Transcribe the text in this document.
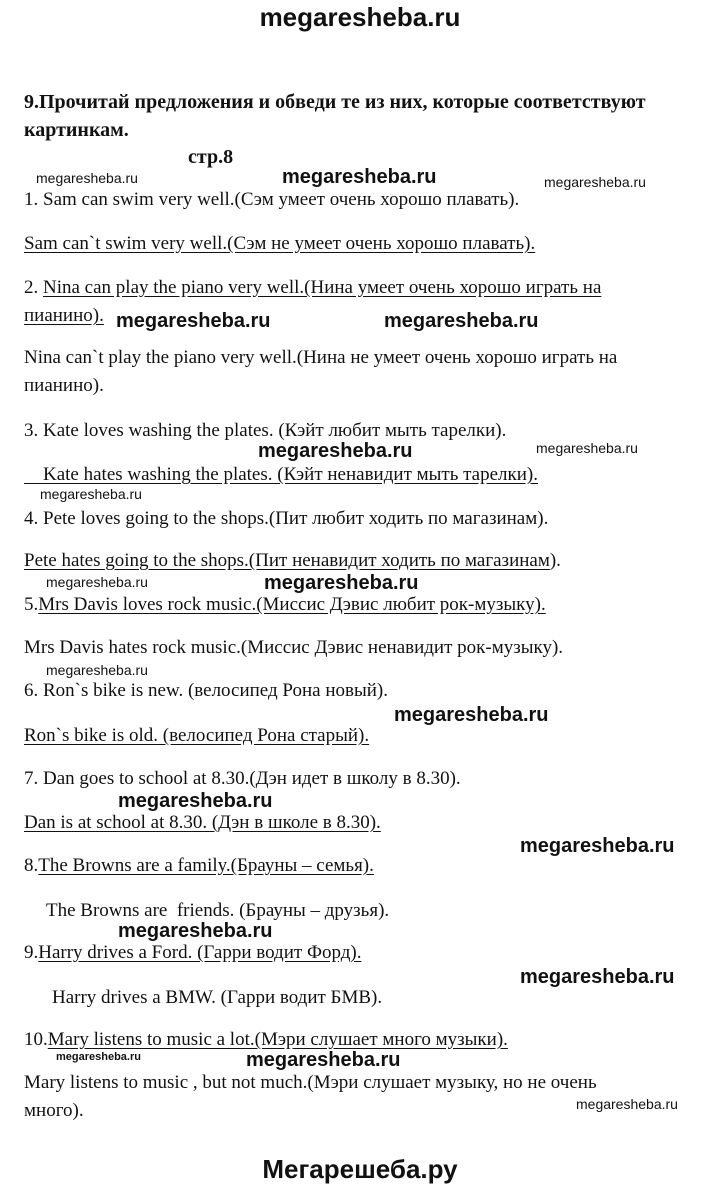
megaresheba.ru
9.Прочитай предложения и обведи те из них, которые соответствуют картинкам.
стр.8
megaresheba.ru	megaresheba.ru	megaresheba.ru
1. Sam can swim very well.(Сэм умеет очень хорошо плавать).
Sam can`t swim very well.(Сэм не умеет очень хорошо плавать).
2. Nina can play the piano very well.(Нина умеет очень хорошо играть на
пианино). megaresheba.ru	megaresheba.ru
Nina can`t play the piano very well.(Нина не умеет очень хорошо играть на
пианино).
3. Kate loves washing the plates. (Кэйт любит мыть тарелки).
megaresheba.ru	megaresheba.ru
Kate hates washing the plates. (Кэйт ненавидит мыть тарелки).
megaresheba.ru
4. Pete loves going to the shops.(Пит любит ходить по магазинам).
Pete hates going to the shops.(Пит ненавидит ходить по магазинам).
megaresheba.ru	megaresheba.ru
5.Mrs Davis loves rock music.(Миссис Дэвис любит рок-музыку).
Mrs Davis hates rock music.(Миссис Дэвис ненавидит рок-музыку).
megaresheba.ru
6. Ron`s bike is new. (велосипед Рона новый).
megaresheba.ru
Ron`s bike is old. (велосипед Рона старый).
7. Dan goes to school at 8.30.(Дэн идет в школу в 8.30).
megaresheba.ru
Dan is at school at 8.30. (Дэн в школе в 8.30).
megaresheba.ru
8.The Browns are a family.(Брауны – семья).
The Browns are  friends. (Брауны – друзья).
megaresheba.ru
9.Harry drives a Ford. (Гарри водит Форд).
megaresheba.ru
Harry drives a BMW. (Гарри водит БМВ).
10.Mary listens to music a lot.(Мэри слушает много музыки).
megaresheba.ru	megaresheba.ru
Mary listens to music , but not much.(Мэри слушает музыку, но не очень
megaresheba.ru
много).
Мегарешеба.ру
